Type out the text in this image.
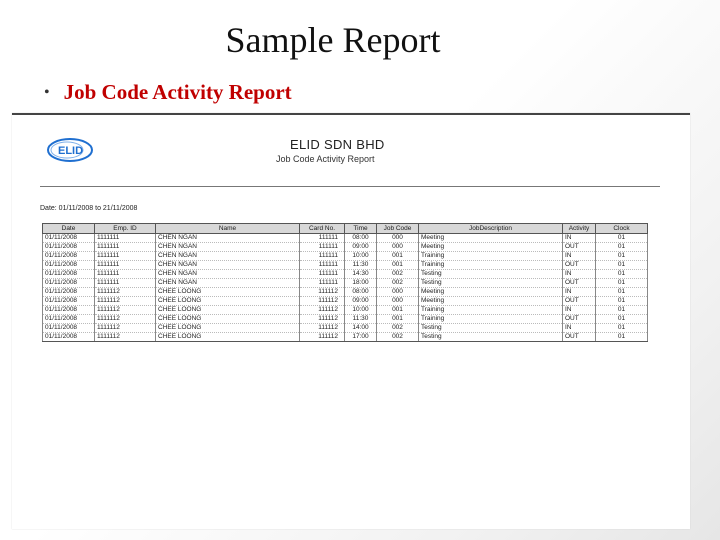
Sample Report
• Job Code Activity Report
ELID	ELID SDN BHD
Job Code Activity Report
Date: 01/11/2008 to 21/11/2008
Date	Emp. ID	Name	Card No.	Time	Job Code	JobDescription	Activity	Clock
01/11/2008	1111111	CHEN NGAN	111111	08:00	000	Meeting	IN	01
01/11/2008	1111111	CHEN NGAN	111111	09:00	000	Meeting	OUT	01
01/11/2008	1111111	CHEN NGAN	111111	10:00	001	Training	IN	01
01/11/2008	1111111	CHEN NGAN	111111	11:30	001	Training	OUT	01
01/11/2008	1111111	CHEN NGAN	111111	14:30	002	Testing	IN	01
01/11/2008	1111111	CHEN NGAN	111111	18:00	002	Testing	OUT	01
01/11/2008	1111112	CHEE LOONG	111112	08:00	000	Meeting	IN	01
01/11/2008	1111112	CHEE LOONG	111112	09:00	000	Meeting	OUT	01
01/11/2008	1111112	CHEE LOONG	111112	10:00	001	Training	IN	01
01/11/2008	1111112	CHEE LOONG	111112	11:30	001	Training	OUT	01
01/11/2008	1111112	CHEE LOONG	111112	14:00	002	Testing	IN	01
01/11/2008	1111112	CHEE LOONG	111112	17:00	002	Testing	OUT	01
